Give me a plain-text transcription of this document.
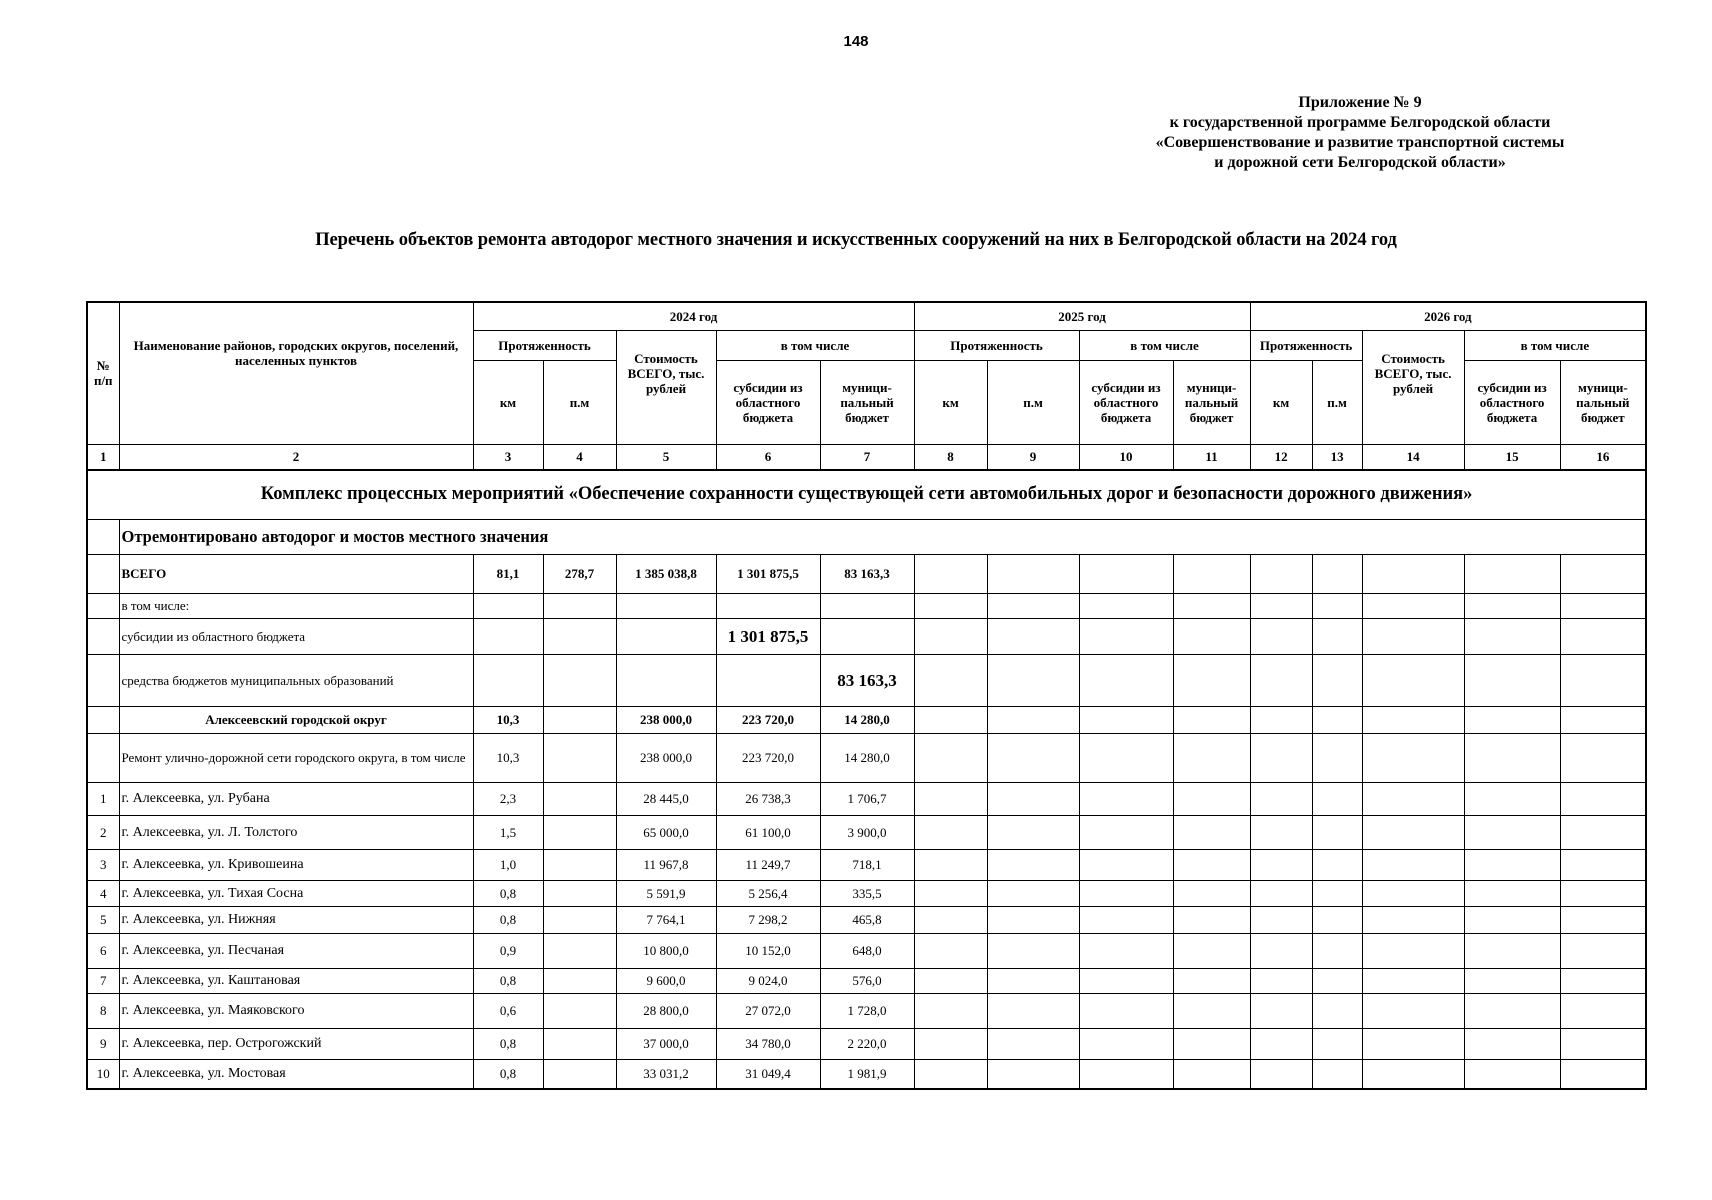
148
Приложение № 9
к государственной программе Белгородской области
«Совершенствование и развитие транспортной системы
и дорожной сети Белгородской области»
Перечень объектов ремонта автодорог местного значения и искусственных сооружений на них в Белгородской области на 2024 год
№ п/п	Наименование районов, городских округов, поселений, населенных пунктов	2024 год					2025 год				2026 год				
		Протяженность		Стоимость ВСЕГО, тыс. рублей	в том числе		Протяженность		в том числе		Протяженность		Стоимость ВСЕГО, тыс. рублей	в том числе	
		км	п.м		субсидии из областного бюджета	муници-пальный бюджет	км	п.м	субсидии из областного бюджета	муници-пальный бюджет	км	п.м		субсидии из областного бюджета	муници-пальный бюджет
1	2	3	4	5	6	7	8	9	10	11	12	13	14	15	16
Комплекс процессных мероприятий «Обеспечение сохранности существующей сети автомобильных дорог и безопасности дорожного движения»															
	Отремонтировано автодорог и мостов местного значения														
	ВСЕГО	81,1	278,7	1 385 038,8	1 301 875,5	83 163,3									
	в том числе:														
	субсидии из областного бюджета				1 301 875,5										
	средства бюджетов муниципальных образований					83 163,3									
	Алексеевский городской округ	10,3		238 000,0	223 720,0	14 280,0									
	Ремонт улично-дорожной сети городского округа, в том числе	10,3		238 000,0	223 720,0	14 280,0									
1	г. Алексеевка, ул. Рубана	2,3		28 445,0	26 738,3	1 706,7									
2	г. Алексеевка, ул. Л. Толстого	1,5		65 000,0	61 100,0	3 900,0									
3	г. Алексеевка, ул. Кривошеина	1,0		11 967,8	11 249,7	718,1									
4	г. Алексеевка, ул. Тихая Сосна	0,8		5 591,9	5 256,4	335,5									
5	г. Алексеевка, ул. Нижняя	0,8		7 764,1	7 298,2	465,8									
6	г. Алексеевка, ул. Песчаная	0,9		10 800,0	10 152,0	648,0									
7	г. Алексеевка, ул. Каштановая	0,8		9 600,0	9 024,0	576,0									
8	г. Алексеевка, ул. Маяковского	0,6		28 800,0	27 072,0	1 728,0									
9	г. Алексеевка, пер. Острогожский	0,8		37 000,0	34 780,0	2 220,0									
10	г. Алексеевка, ул. Мостовая	0,8		33 031,2	31 049,4	1 981,9									
